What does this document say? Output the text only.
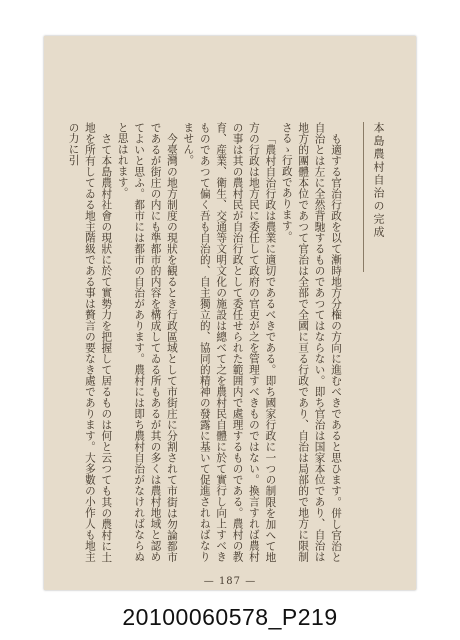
本島農村自治の完成

も適する官治行政を以て漸時地方分権の方向に進むべきであると思ひます。併し官治と自治とは左に全然背馳するものであつてはならない。即ち官治は国家本位であり、自治は地方的團體本位であつて官治は全部で全國に亘る行政であり、自治は局部的で地方に限制さるゝ行政であります。

「農村自治行政は農業に適切であるべきである。即ち國家行政に一つの制限を加へて地方の行政は地方民に委任して政府の官吏が之を管理すべきものではない。換言すれば農村の事は其の農村民が自治行政として委任せられた範囲内で處理するものである。農村の教育、産業、衛生、交通等文明文化の施設は總べて之を農村民自體に於て實行し向上すべきものであつて偏く吾も自治的、自主獨立的、協同的精神の發露に基いて促進されねばなりません。

今臺灣の地方制度の現狀を観るとき行政區域として市街庄に分割されて市街は勿論都市であるが街庄の内にも準都市的内容を構成してゐる所もあるが其の多くは農村地域と認めてよいと思ふ。都市には都市の自治があります。農村には即ち農村自治がなければならぬと思はれます。

さて本島農村社會の現狀に於て實勢力を把握して居るものは何と云つても其の農村に土地を所有してゐる地主階級である事は贅言の要なき處であります。大多數の小作人も地主の力に引

— 187 —
20100060578_P219
